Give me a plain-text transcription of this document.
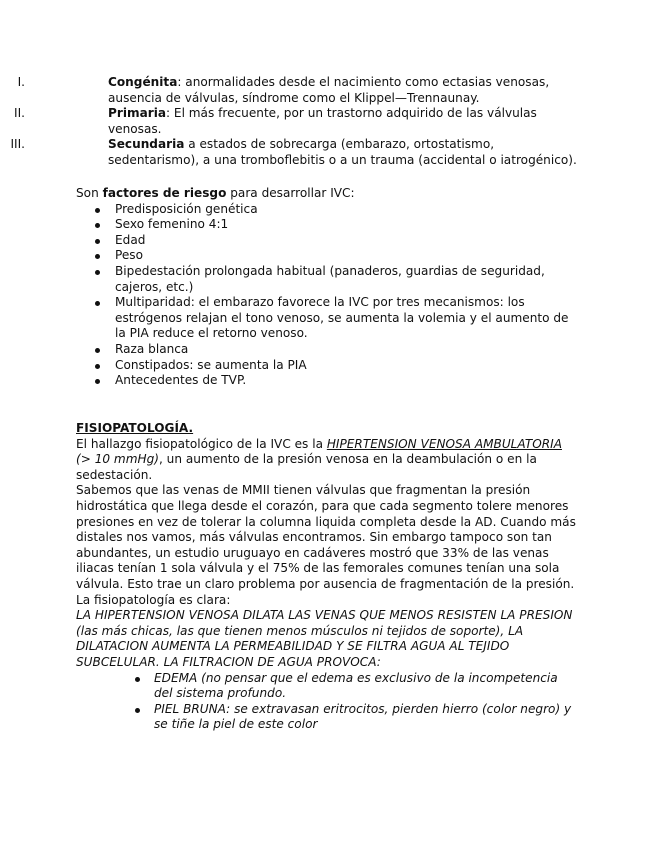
I.	Congénita: anormalidades desde el nacimiento como ectasias venosas, ausencia de válvulas, síndrome como el Klippel—Trennaunay.
II.	Primaria: El más frecuente, por un trastorno adquirido de las válvulas venosas.
III.	Secundaria a estados de sobrecarga (embarazo, ortostatismo, sedentarismo), a una tromboflebitis o a un trauma (accidental o iatrogénico).
Son factores de riesgo para desarrollar IVC:
Predisposición genética
Sexo femenino 4:1
Edad
Peso
Bipedestación prolongada habitual (panaderos, guardias de seguridad, cajeros, etc.)
Multiparidad: el embarazo favorece la IVC por tres mecanismos: los estrógenos relajan el tono venoso, se aumenta la volemia y el aumento de la PIA reduce el retorno venoso.
Raza blanca
Constipados: se aumenta la PIA
Antecedentes de TVP.
FISIOPATOLOGÍA.
El hallazgo fisiopatológico de la IVC es la HIPERTENSION VENOSA AMBULATORIA (> 10 mmHg), un aumento de la presión venosa en la deambulación o en la sedestación.
Sabemos que las venas de MMII tienen válvulas que fragmentan la presión hidrostática que llega desde el corazón, para que cada segmento tolere menores presiones en vez de tolerar la columna liquida completa desde la AD. Cuando más distales nos vamos, más válvulas encontramos. Sin embargo tampoco son tan abundantes, un estudio uruguayo en cadáveres mostró que 33% de las venas iliacas tenían 1 sola válvula y el 75% de las femorales comunes tenían una sola válvula. Esto trae un claro problema por ausencia de fragmentación de la presión.
La fisiopatología es clara:
LA HIPERTENSION VENOSA DILATA LAS VENAS QUE MENOS RESISTEN LA PRESION (las más chicas, las que tienen menos músculos ni tejidos de soporte), LA DILATACION AUMENTA LA PERMEABILIDAD Y SE FILTRA AGUA AL TEJIDO SUBCELULAR. LA FILTRACION DE AGUA PROVOCA:
EDEMA (no pensar que el edema es exclusivo de la incompetencia del sistema profundo.
PIEL BRUNA: se extravasan eritrocitos, pierden hierro (color negro) y se tiñe la piel de este color
